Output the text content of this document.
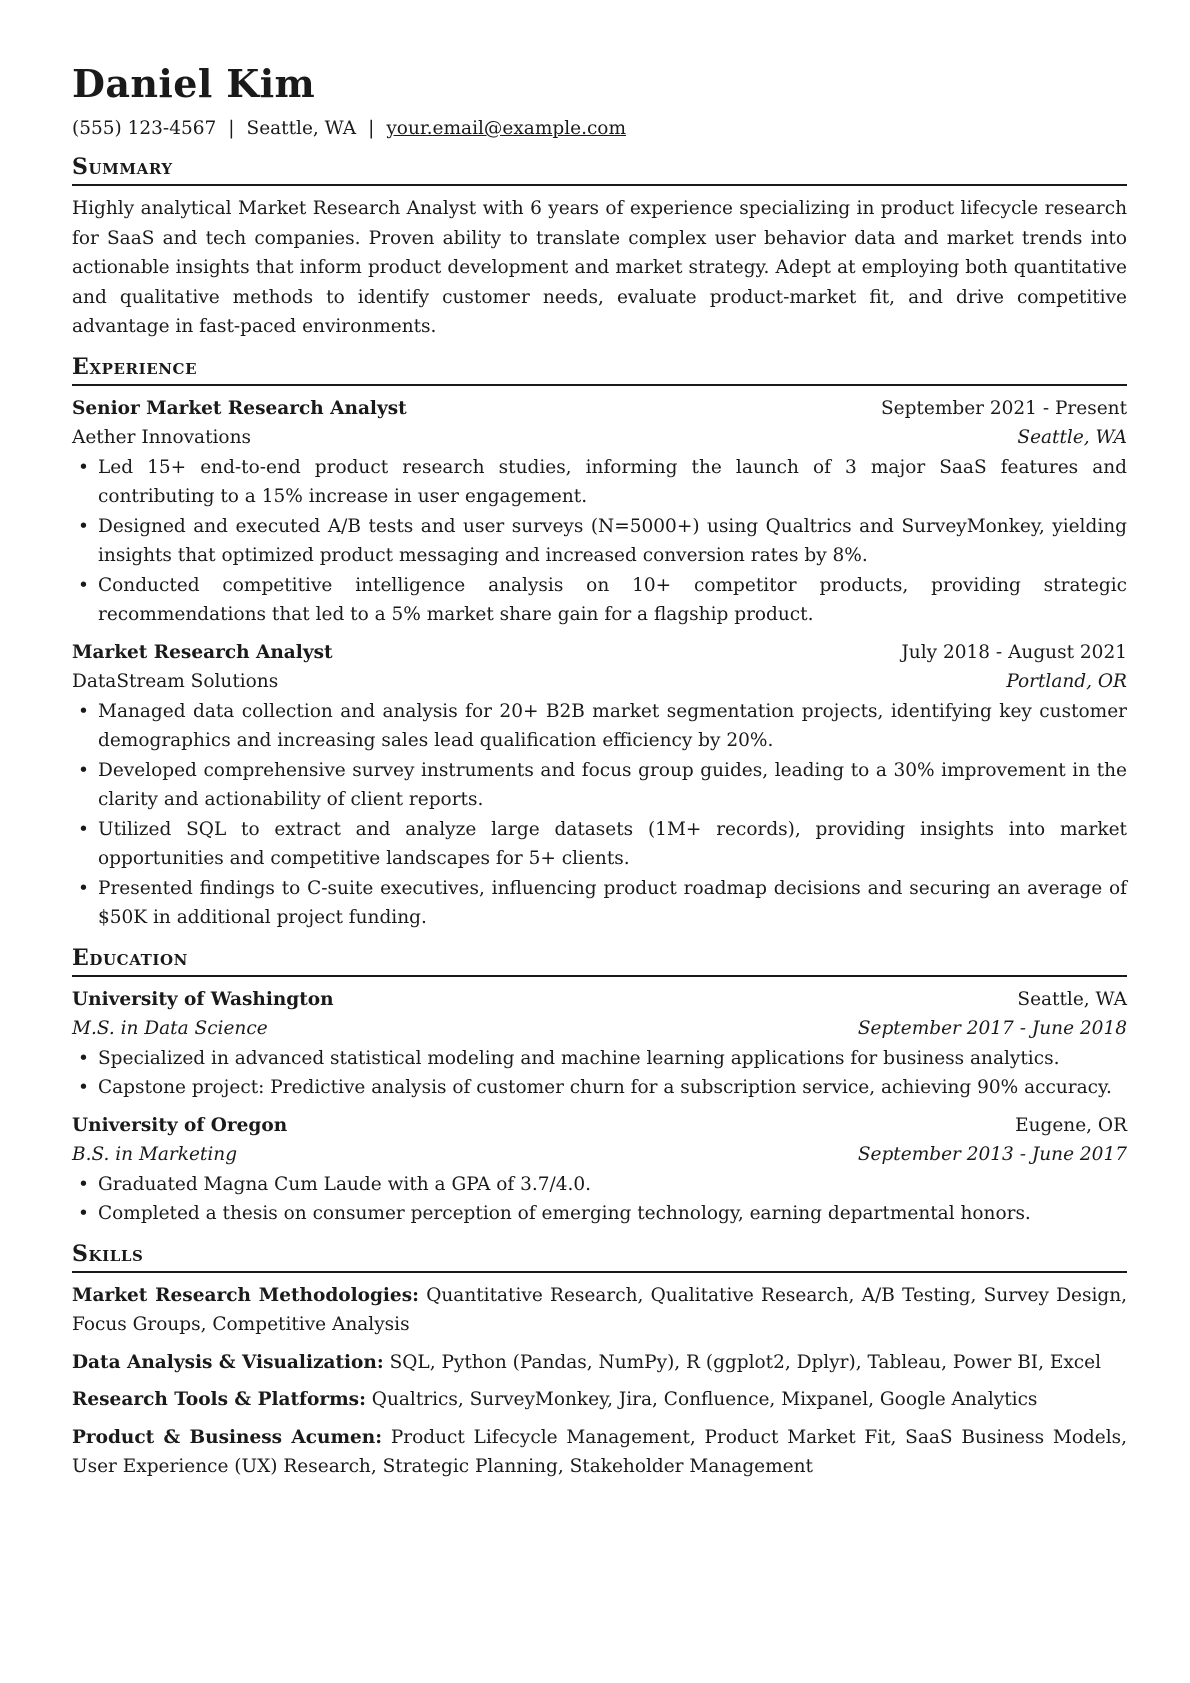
Daniel Kim
(555) 123-4567 | Seattle, WA | your.email@example.com
Summary

Highly analytical Market Research Analyst with 6 years of experience specializing in product lifecycle research for SaaS and tech companies. Proven ability to translate complex user behavior data and market trends into actionable insights that inform product development and market strategy. Adept at employing both quantitative and qualitative methods to identify customer needs, evaluate product-market fit, and drive competitive advantage in fast-paced environments.

Experience
Senior Market Research Analyst	September 2021 - Present
Aether Innovations	Seattle, WA
• Led 15+ end-to-end product research studies, informing the launch of 3 major SaaS features and contributing to a 15% increase in user engagement.
• Designed and executed A/B tests and user surveys (N=5000+) using Qualtrics and SurveyMonkey, yielding insights that optimized product messaging and increased conversion rates by 8%.
• Conducted competitive intelligence analysis on 10+ competitor products, providing strategic recommendations that led to a 5% market share gain for a flagship product.
Market Research Analyst	July 2018 - August 2021
DataStream Solutions	Portland, OR
• Managed data collection and analysis for 20+ B2B market segmentation projects, identifying key customer demographics and increasing sales lead qualification efficiency by 20%.
• Developed comprehensive survey instruments and focus group guides, leading to a 30% improvement in the clarity and actionability of client reports.
• Utilized SQL to extract and analyze large datasets (1M+ records), providing insights into market opportunities and competitive landscapes for 5+ clients.
• Presented findings to C-suite executives, influencing product roadmap decisions and securing an average of $50K in additional project funding.
Education
University of Washington	Seattle, WA
M.S. in Data Science	September 2017 - June 2018
• Specialized in advanced statistical modeling and machine learning applications for business analytics.
• Capstone project: Predictive analysis of customer churn for a subscription service, achieving 90% accuracy.
University of Oregon	Eugene, OR
B.S. in Marketing	September 2013 - June 2017
• Graduated Magna Cum Laude with a GPA of 3.7/4.0.
• Completed a thesis on consumer perception of emerging technology, earning departmental honors.
Skills

Market Research Methodologies: Quantitative Research, Qualitative Research, A/B Testing, Survey Design, Focus Groups, Competitive Analysis

Data Analysis & Visualization: SQL, Python (Pandas, NumPy), R (ggplot2, Dplyr), Tableau, Power BI, Excel

Research Tools & Platforms: Qualtrics, SurveyMonkey, Jira, Confluence, Mixpanel, Google Analytics

Product & Business Acumen: Product Lifecycle Management, Product Market Fit, SaaS Business Models, User Experience (UX) Research, Strategic Planning, Stakeholder Management
